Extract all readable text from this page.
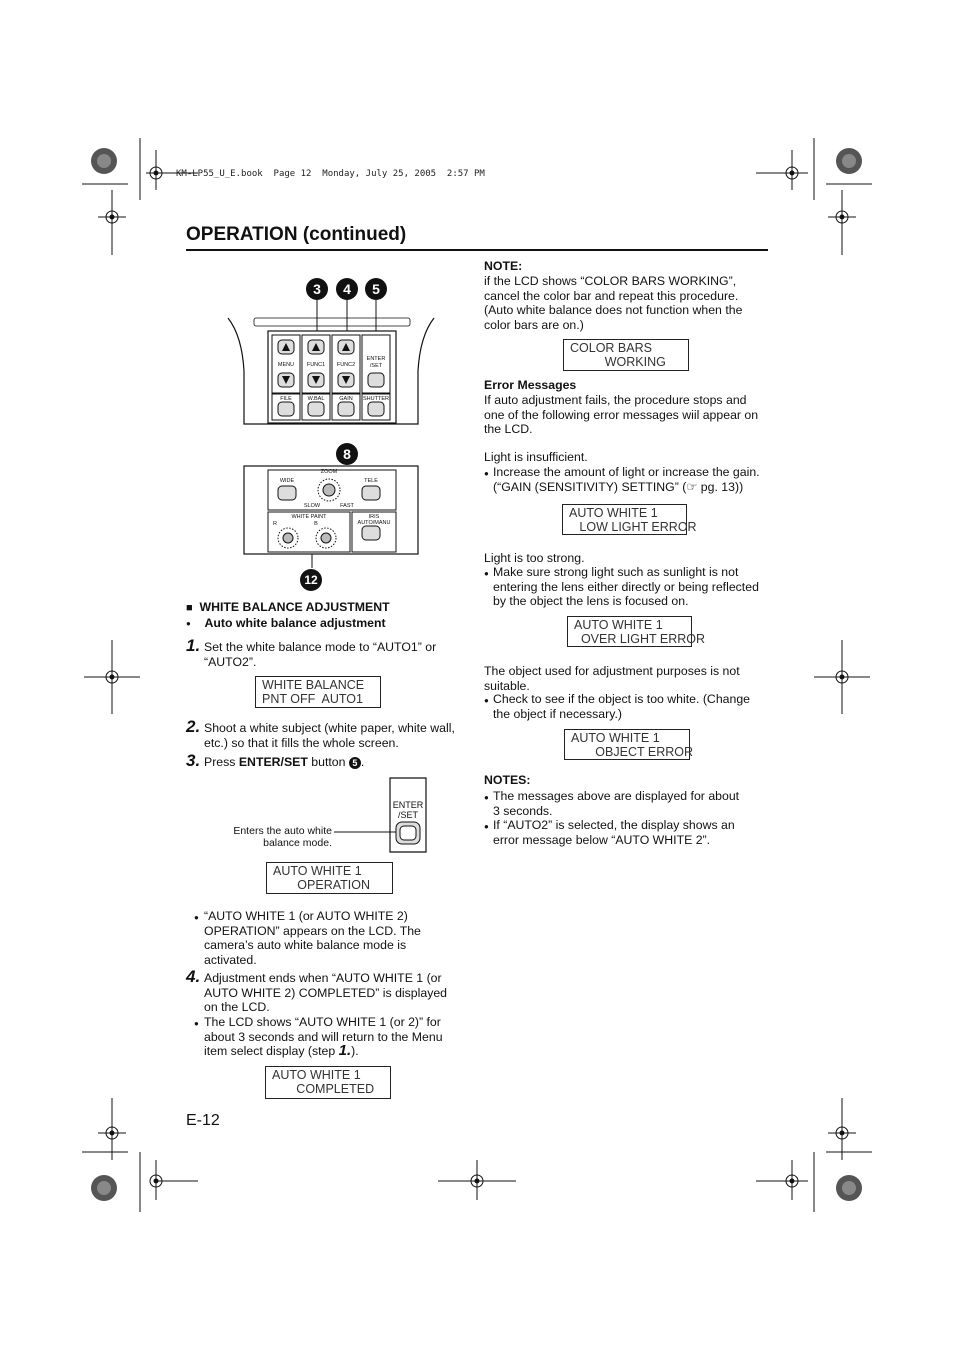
KM-LP55_U_E.book  Page 12  Monday, July 25, 2005  2:57 PM
OPERATION (continued)
MENU FUNC1 FUNC2
ENTER
/SET
FILE	W.BAL	GAIN SHUTTER
ZOOM
WIDE	TELE
SLOW	FAST
WHITE PAINT
R	B
IRIS
AUTO/MANU
3	4	5
8
12
■ WHITE BALANCE ADJUSTMENT
● Auto white balance adjustment
1. Set the white balance mode to “AUTO1” or
“AUTO2”.
WHITE BALANCE
PNT OFF  AUTO1
2. Shoot a white subject (white paper, white wall,
etc.) so that it fills the whole screen.
3. Press ENTER/SET button 5 .
ENTER
/SET
Enters the auto white
balance mode.
AUTO WHITE 1
OPERATION
● “AUTO WHITE 1 (or AUTO WHITE 2)
OPERATION” appears on the LCD. The
camera’s auto white balance mode is
activated.
4. Adjustment ends when “AUTO WHITE 1 (or
AUTO WHITE 2) COMPLETED” is displayed
on the LCD.
● The LCD shows “AUTO WHITE 1 (or 2)” for
about 3 seconds and will return to the Menu
item select display (step 1.).
AUTO WHITE 1
COMPLETED
E-12
NOTE:
if the LCD shows “COLOR BARS WORKING”,
cancel the color bar and repeat this procedure.
(Auto white balance does not function when the
color bars are on.)
COLOR BARS
WORKING
Error Messages
If auto adjustment fails, the procedure stops and
one of the following error messages wiil appear on
the LCD.
Light is insufficient.
● Increase the amount of light or increase the gain.
(“GAIN (SENSITIVITY) SETTING” (☞ pg. 13))
AUTO WHITE 1
LOW LIGHT ERROR
Light is too strong.
● Make sure strong light such as sunlight is not
entering the lens either directly or being reflected
by the object the lens is focused on.
AUTO WHITE 1
OVER LIGHT ERROR
The object used for adjustment purposes is not
suitable.
● Check to see if the object is too white. (Change
the object if necessary.)
AUTO WHITE 1
OBJECT ERROR
NOTES:
● The messages above are displayed for about
3 seconds.
● If “AUTO2” is selected, the display shows an
error message below “AUTO WHITE 2”.
